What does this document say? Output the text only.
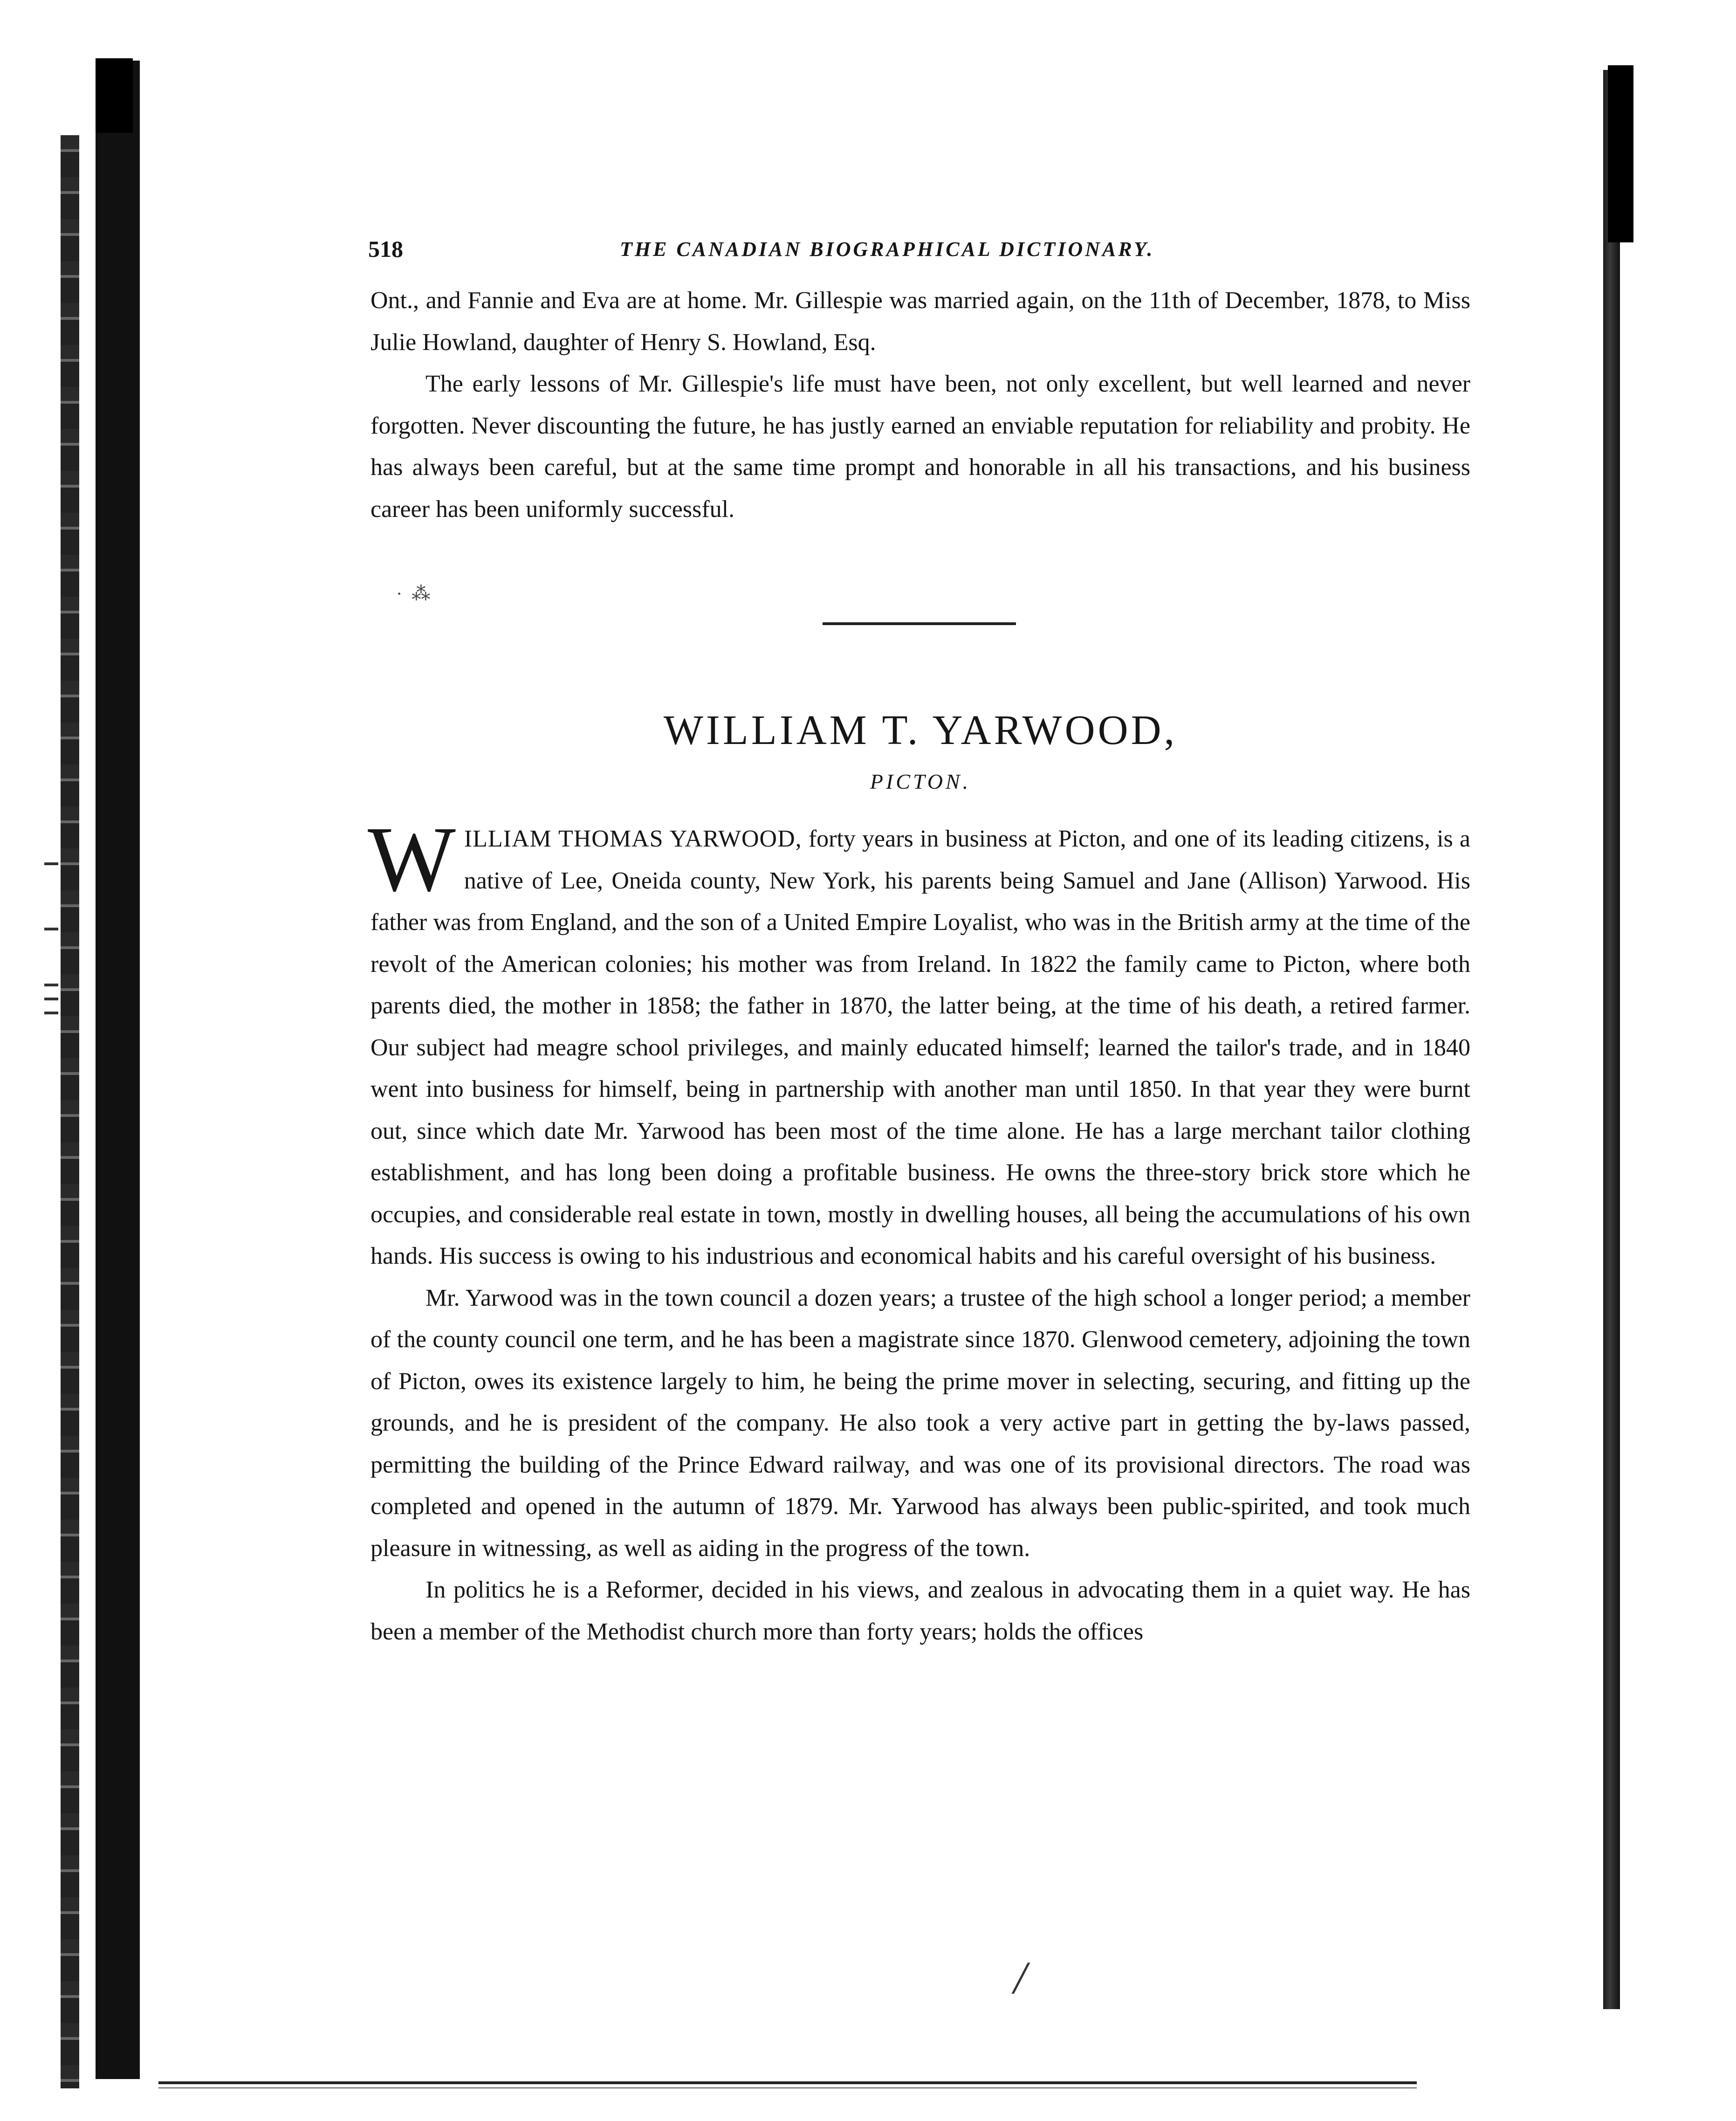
518	THE CANADIAN BIOGRAPHICAL DICTIONARY.

Ont., and Fannie and Eva are at home. Mr. Gillespie was married again, on the 11th of December, 1878, to Miss Julie Howland, daughter of Henry S. Howland, Esq.

The early lessons of Mr. Gillespie's life must have been, not only excellent, but well learned and never forgotten. Never discounting the future, he has justly earned an enviable reputation for reliability and probity. He has always been careful, but at the same time prompt and honorable in all his transactions, and his business career has been uniformly successful.

·  ⁂
WILLIAM T. YARWOOD,
PICTON.

WILLIAM THOMAS YARWOOD, forty years in business at Picton, and one of its leading citizens, is a native of Lee, Oneida county, New York, his parents being Samuel and Jane (Allison) Yarwood. His father was from England, and the son of a United Empire Loyalist, who was in the British army at the time of the revolt of the American colonies; his mother was from Ireland. In 1822 the family came to Picton, where both parents died, the mother in 1858; the father in 1870, the latter being, at the time of his death, a retired farmer. Our subject had meagre school privileges, and mainly educated himself; learned the tailor's trade, and in 1840 went into business for himself, being in partnership with another man until 1850. In that year they were burnt out, since which date Mr. Yarwood has been most of the time alone. He has a large merchant tailor clothing establishment, and has long been doing a profitable business. He owns the three-story brick store which he occupies, and considerable real estate in town, mostly in dwelling houses, all being the accumulations of his own hands. His success is owing to his industrious and economical habits and his careful oversight of his business.

Mr. Yarwood was in the town council a dozen years; a trustee of the high school a longer period; a member of the county council one term, and he has been a magistrate since 1870. Glenwood cemetery, adjoining the town of Picton, owes its existence largely to him, he being the prime mover in selecting, securing, and fitting up the grounds, and he is president of the company. He also took a very active part in getting the by-laws passed, permitting the building of the Prince Edward railway, and was one of its provisional directors. The road was completed and opened in the autumn of 1879. Mr. Yarwood has always been public-spirited, and took much pleasure in witnessing, as well as aiding in the progress of the town.

In politics he is a Reformer, decided in his views, and zealous in advocating them in a quiet way. He has been a member of the Methodist church more than forty years; holds the offices

/
